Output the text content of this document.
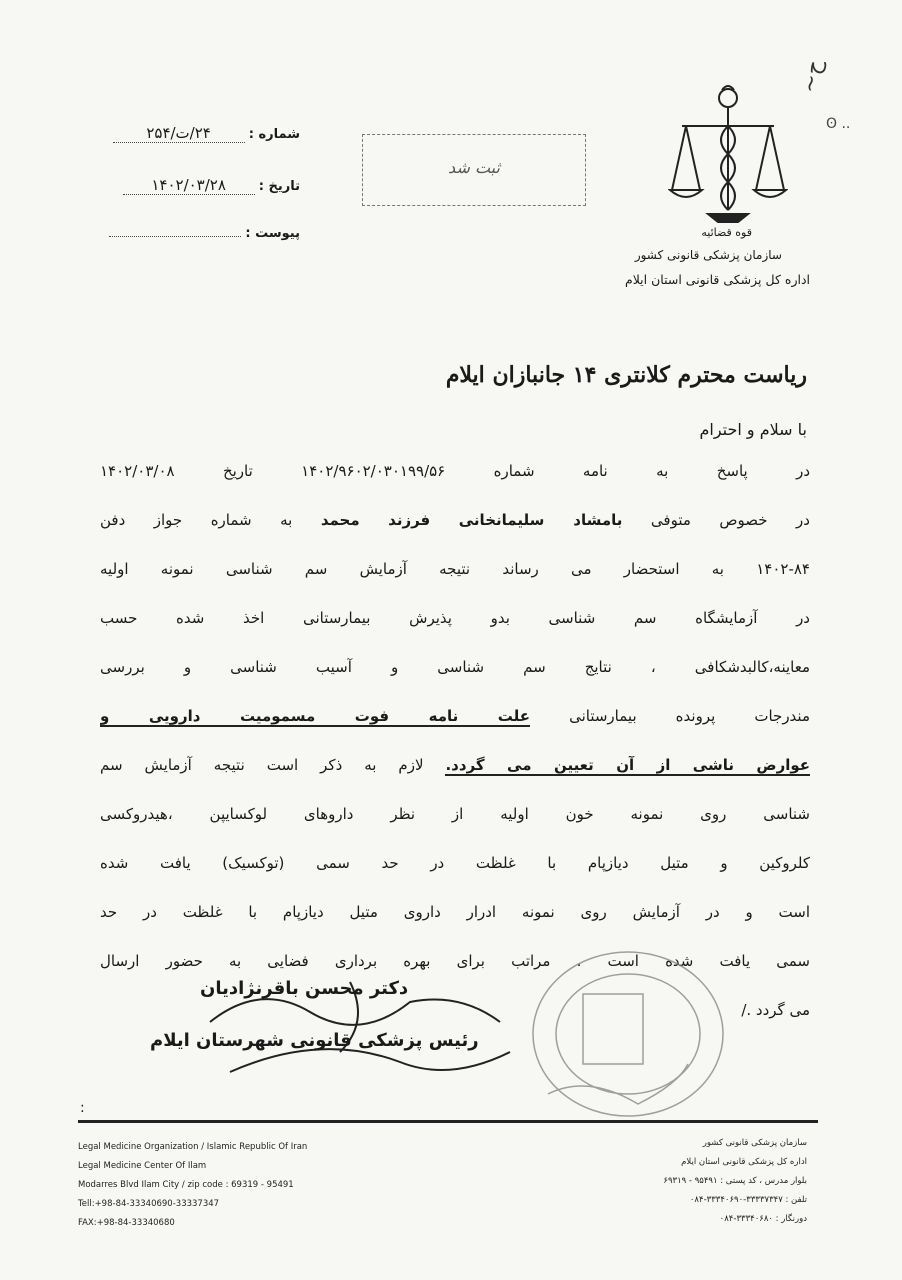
شماره : ۲۴/ت/۲۵۴
تاریخ : ۱۴۰۲/۰۳/۲۸
پیوست :
ثبت شد
قوه قضائیه
سازمان پزشکی قانونی کشور
اداره کل پزشکی قانونی استان ایلام
~ح
ʘ ..
ریاست محترم کلانتری ۱۴ جانبازان ایلام
با سلام و احترام
در پاسخ به نامه شماره ۱۴۰۲/۹۶۰۲/۰۳۰۱۹۹/۵۶ تاریخ ۱۴۰۲/۰۳/۰۸
در خصوص متوفی بامشاد سلیمانخانی فرزند محمد به شماره جواز دفن
۱۴۰۲-۸۴ به استحضار می رساند نتیجه آزمایش سم شناسی نمونه اولیه
در آزمایشگاه سم شناسی بدو پذیرش بیمارستانی اخذ شده حسب
معاینه،کالبدشکافی ، نتایج سم شناسی و آسیب شناسی و بررسی
مندرجات پرونده بیمارستانی علت نامه فوت مسمومیت دارویی و
عوارض ناشی از آن تعیین می گردد. لازم به ذکر است نتیجه آزمایش سم
شناسی روی نمونه خون اولیه از نظر داروهای لوکسایپن ،هیدروکسی
کلروکین و متیل دیازپام با غلظت در حد سمی (توکسیک) یافت شده
است و در آزمایش روی نمونه ادرار داروی متیل دیازپام با غلظت در حد
سمی یافت شده است . مراتب برای بهره برداری فضایی به حضور ارسال
می گردد ./
دکتر محسن باقرنژادیان
رئیس پزشکی قانونی شهرستان ایلام
:
Legal Medicine Organization / Islamic Republic Of Iran
Legal Medicine Center Of Ilam
Modarres Blvd Ilam City / zip code : 69319 - 95491
Tell:+98-84-33340690-33337347
FAX:+98-84-33340680
سازمان پزشکی قانونی کشور
اداره کل پزشکی قانونی استان ایلام
بلوار مدرس ، کد پستی : ۹۵۴۹۱ - ۶۹۳۱۹
تلفن : ۳۳۳۳۷۳۴۷-۳۳۳۴۰۶۹۰-۰۸۴
دورنگار : ۳۳۳۴۰۶۸۰-۰۸۴
